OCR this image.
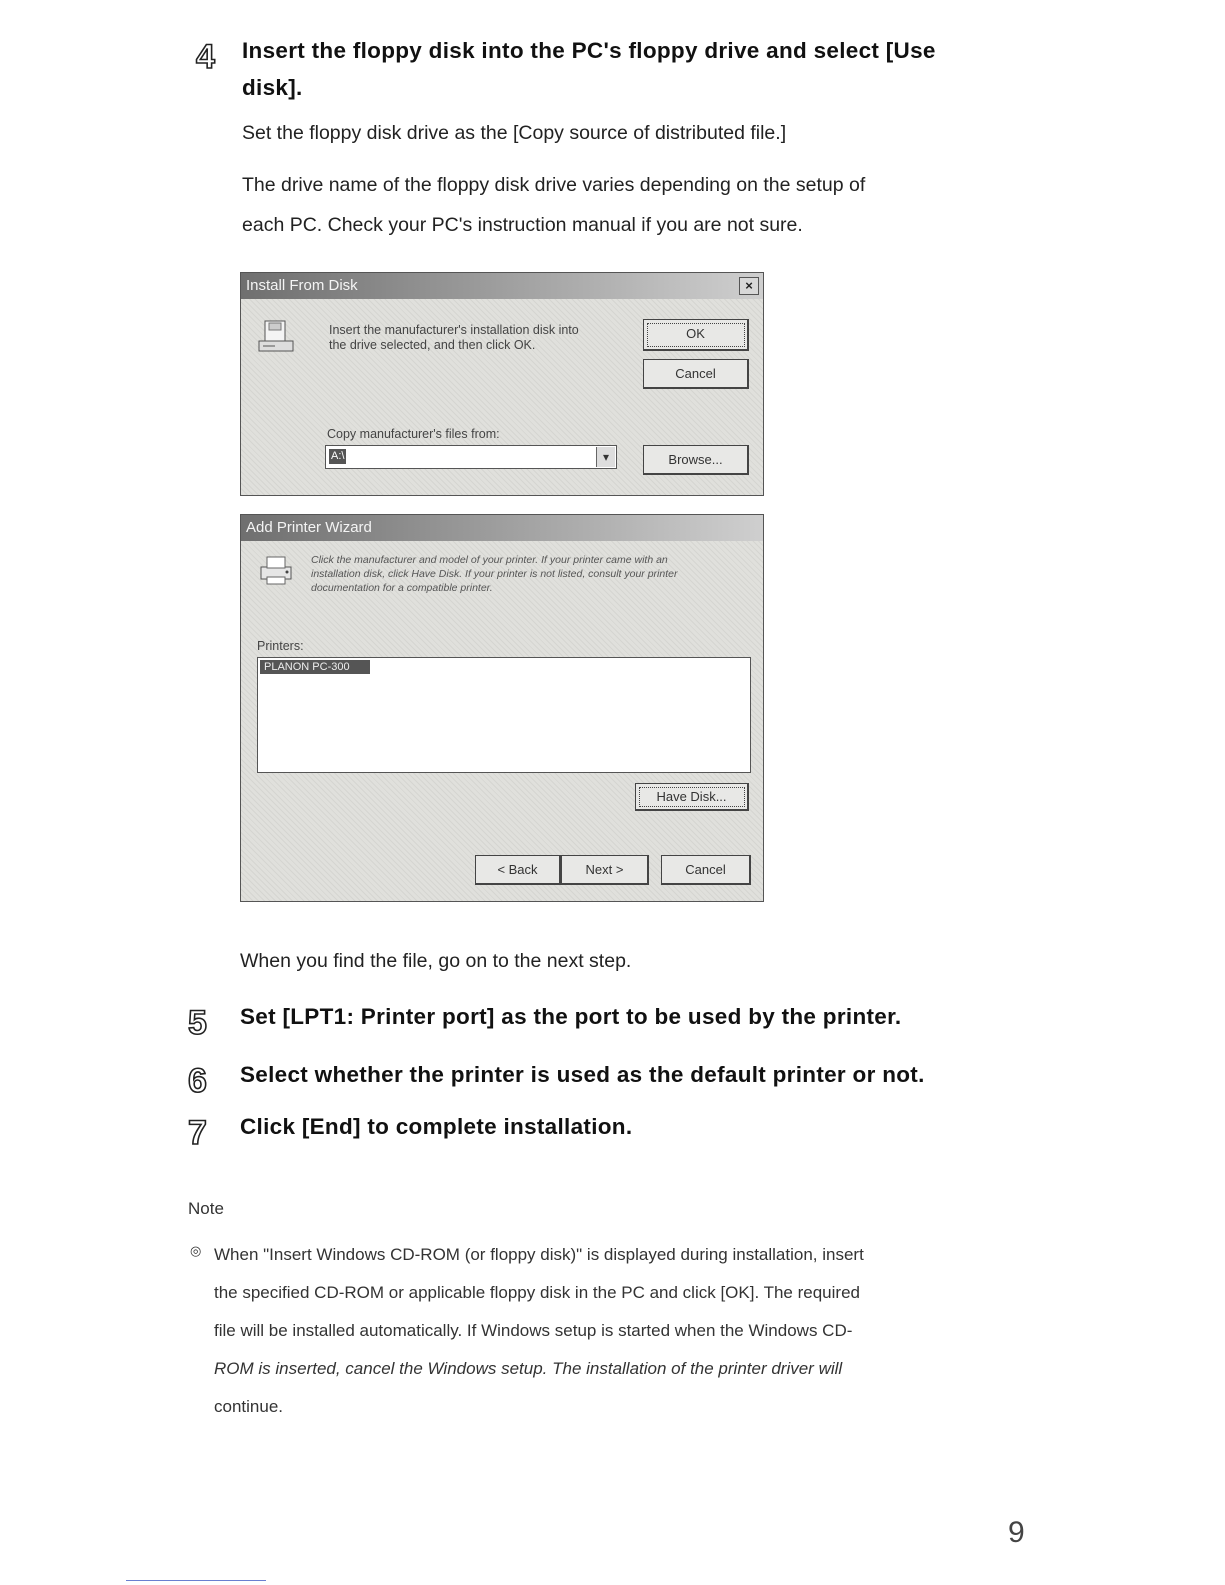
4 Insert the floppy disk into the PC's floppy drive and select [Use
disk].
Set the floppy disk drive as the [Copy source of distributed file.]
The drive name of the floppy disk drive varies depending on the setup of
each PC. Check your PC's instruction manual if you are not sure.
Install From Disk	×
Insert the manufacturer's installation disk into
the drive selected, and then click OK.
OK
Cancel
Copy manufacturer's files from:
A:\	▾	Browse...
Add Printer Wizard
Click the manufacturer and model of your printer. If your printer came with an
installation disk, click Have Disk. If your printer is not listed, consult your printer
documentation for a compatible printer.
Printers:
PLANON PC-300
Have Disk...
< Back	Next >	Cancel
When you find the file, go on to the next step.
5 Set [LPT1: Printer port] as the port to be used by the printer.
6 Select whether the printer is used as the default printer or not.
7 Click [End] to complete installation.
Note
◎ When "Insert Windows CD-ROM (or floppy disk)" is displayed during installation, insert
the specified CD-ROM or applicable floppy disk in the PC and click [OK]. The required
file will be installed automatically. If Windows setup is started when the Windows CD-
ROM is inserted, cancel the Windows setup. The installation of the printer driver will
continue.
9
